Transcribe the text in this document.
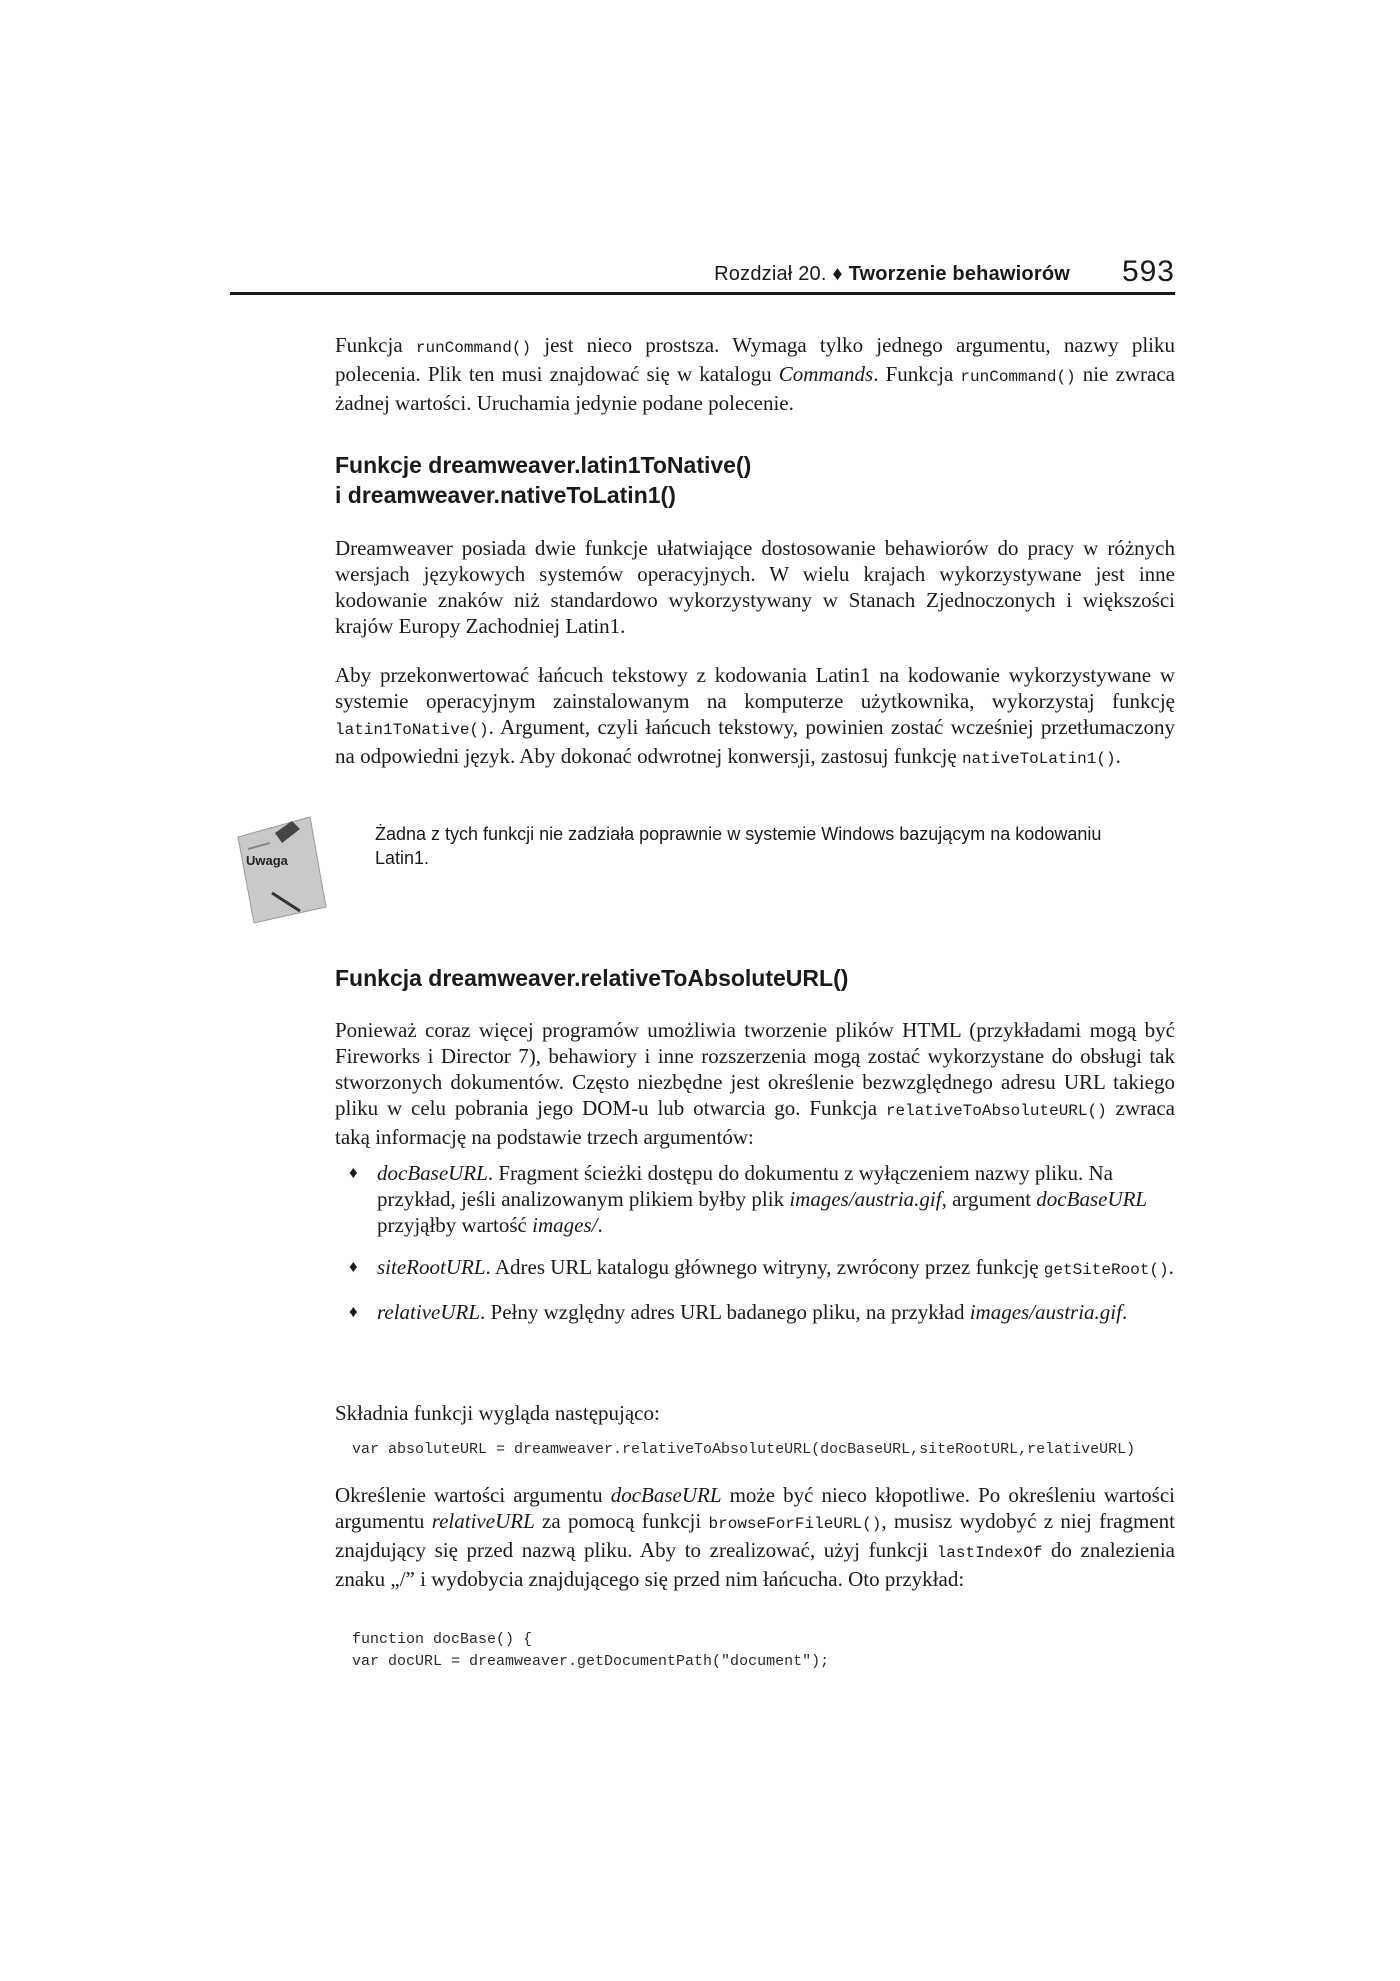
Rozdział 20. ♦ Tworzenie behawiorów 593

Funkcja runCommand() jest nieco prostsza. Wymaga tylko jednego argumentu, nazwy pliku polecenia. Plik ten musi znajdować się w katalogu Commands. Funkcja runCommand() nie zwraca żadnej wartości. Uruchamia jedynie podane polecenie.

Funkcje dreamweaver.latin1ToNative()
i dreamweaver.nativeToLatin1()

Dreamweaver posiada dwie funkcje ułatwiające dostosowanie behawiorów do pracy w różnych wersjach językowych systemów operacyjnych. W wielu krajach wykorzystywane jest inne kodowanie znaków niż standardowo wykorzystywany w Stanach Zjednoczonych i większości krajów Europy Zachodniej Latin1.

Aby przekonwertować łańcuch tekstowy z kodowania Latin1 na kodowanie wykorzystywane w systemie operacyjnym zainstalowanym na komputerze użytkownika, wykorzystaj funkcję latin1ToNative(). Argument, czyli łańcuch tekstowy, powinien zostać wcześniej przetłumaczony na odpowiedni język. Aby dokonać odwrotnej konwersji, zastosuj funkcję nativeToLatin1().

Uwaga

Żadna z tych funkcji nie zadziała poprawnie w systemie Windows bazującym na kodowaniu Latin1.

Funkcja dreamweaver.relativeToAbsoluteURL()

Ponieważ coraz więcej programów umożliwia tworzenie plików HTML (przykładami mogą być Fireworks i Director 7), behawiory i inne rozszerzenia mogą zostać wykorzystane do obsługi tak stworzonych dokumentów. Często niezbędne jest określenie bezwzględnego adresu URL takiego pliku w celu pobrania jego DOM-u lub otwarcia go. Funkcja relativeToAbsoluteURL() zwraca taką informację na podstawie trzech argumentów:

♦ docBaseURL. Fragment ścieżki dostępu do dokumentu z wyłączeniem nazwy pliku. Na przykład, jeśli analizowanym plikiem byłby plik images/austria.gif, argument docBaseURL przyjąłby wartość images/.
♦ siteRootURL. Adres URL katalogu głównego witryny, zwrócony przez funkcję getSiteRoot().
♦ relativeURL. Pełny względny adres URL badanego pliku, na przykład images/austria.gif.

Składnia funkcji wygląda następująco:

var absoluteURL = dreamweaver.relativeToAbsoluteURL(docBaseURL,siteRootURL,relativeURL)

Określenie wartości argumentu docBaseURL może być nieco kłopotliwe. Po określeniu wartości argumentu relativeURL za pomocą funkcji browseForFileURL(), musisz wydobyć z niej fragment znajdujący się przed nazwą pliku. Aby to zrealizować, użyj funkcji lastIndexOf do znalezienia znaku „/” i wydobycia znajdującego się przed nim łańcucha. Oto przykład:

function docBase() {
var docURL = dreamweaver.getDocumentPath("document");
